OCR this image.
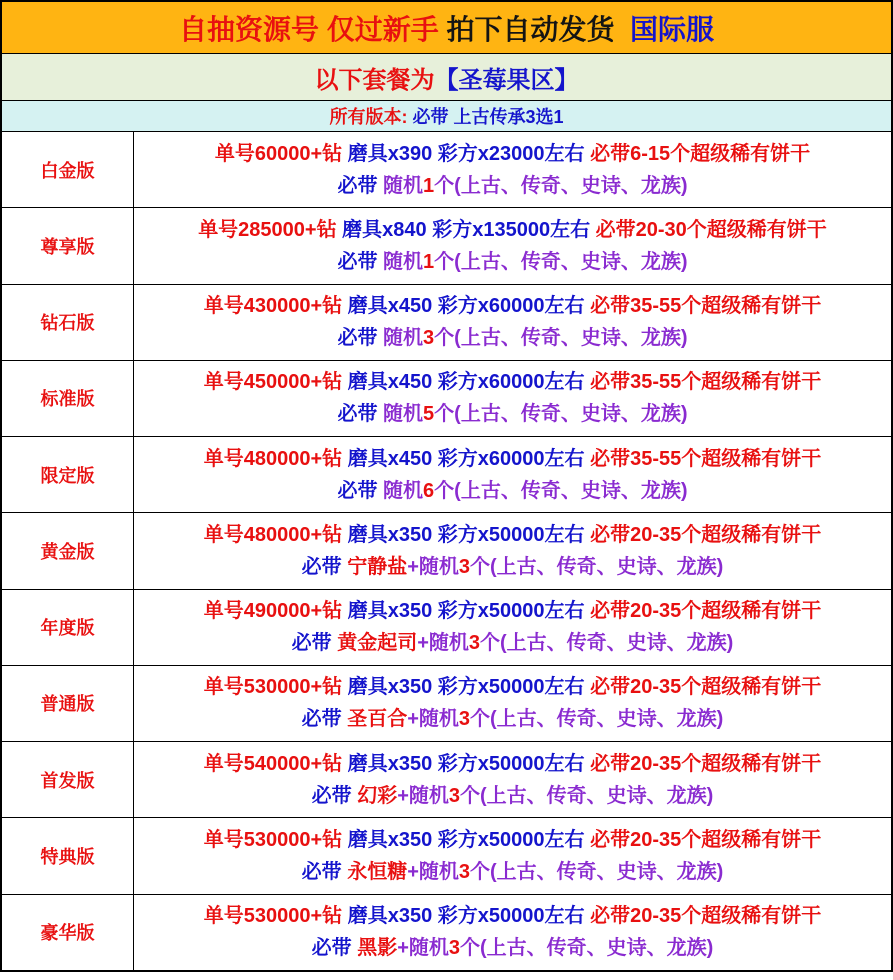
自抽资源号 仅过新手 拍下自动发货  国际服
以下套餐为【圣莓果区】
所有版本: 必带 上古传承3选1
白金版
单号60000+钻 磨具x390 彩方x23000左右 必带6-15个超级稀有饼干
必带 随机1个(上古、传奇、史诗、龙族)
尊享版
单号285000+钻 磨具x840 彩方x135000左右 必带20-30个超级稀有饼干
必带 随机1个(上古、传奇、史诗、龙族)
钻石版
单号430000+钻 磨具x450 彩方x60000左右 必带35-55个超级稀有饼干
必带 随机3个(上古、传奇、史诗、龙族)
标准版
单号450000+钻 磨具x450 彩方x60000左右 必带35-55个超级稀有饼干
必带 随机5个(上古、传奇、史诗、龙族)
限定版
单号480000+钻 磨具x450 彩方x60000左右 必带35-55个超级稀有饼干
必带 随机6个(上古、传奇、史诗、龙族)
黄金版
单号480000+钻 磨具x350 彩方x50000左右 必带20-35个超级稀有饼干
必带 宁静盐+随机3个(上古、传奇、史诗、龙族)
年度版
单号490000+钻 磨具x350 彩方x50000左右 必带20-35个超级稀有饼干
必带 黄金起司+随机3个(上古、传奇、史诗、龙族)
普通版
单号530000+钻 磨具x350 彩方x50000左右 必带20-35个超级稀有饼干
必带 圣百合+随机3个(上古、传奇、史诗、龙族)
首发版
单号540000+钻 磨具x350 彩方x50000左右 必带20-35个超级稀有饼干
必带 幻彩+随机3个(上古、传奇、史诗、龙族)
特典版
单号530000+钻 磨具x350 彩方x50000左右 必带20-35个超级稀有饼干
必带 永恒糖+随机3个(上古、传奇、史诗、龙族)
豪华版
单号530000+钻 磨具x350 彩方x50000左右 必带20-35个超级稀有饼干
必带 黑影+随机3个(上古、传奇、史诗、龙族)
